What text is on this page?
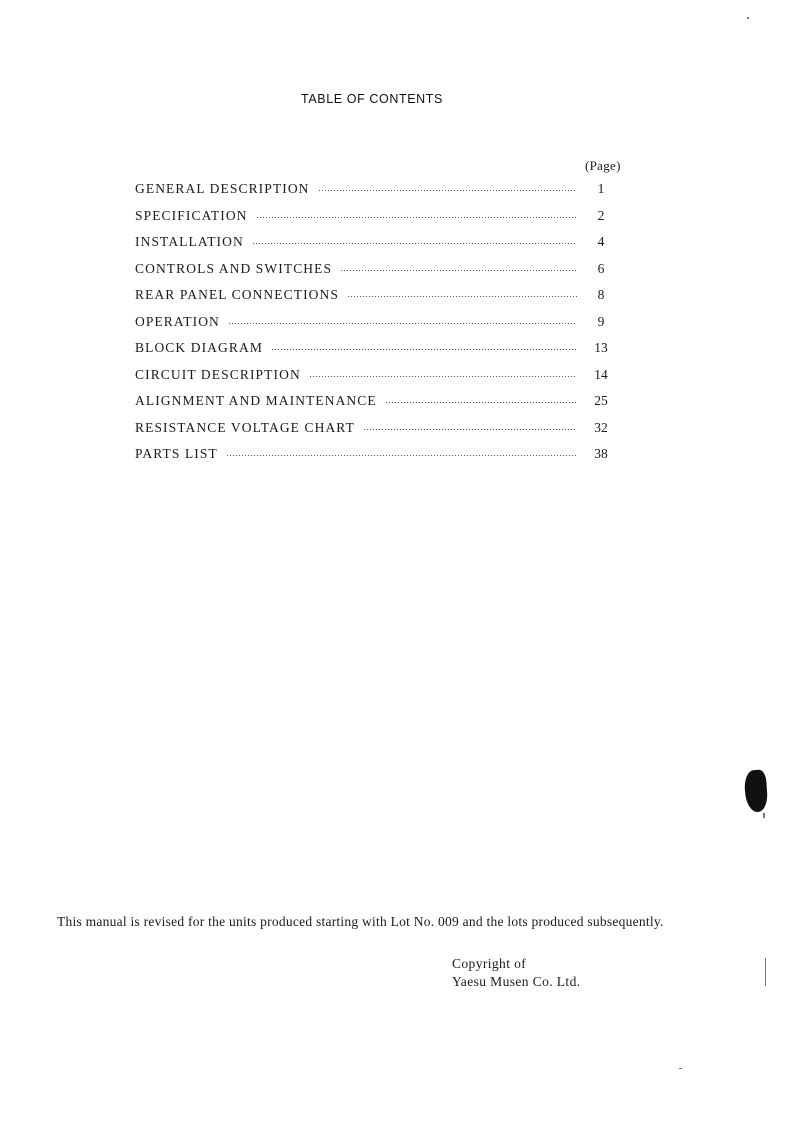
TABLE OF CONTENTS
(Page)
GENERAL DESCRIPTION	1
SPECIFICATION	2
INSTALLATION	4
CONTROLS AND SWITCHES	6
REAR PANEL CONNECTIONS	8
OPERATION	9
BLOCK DIAGRAM	13
CIRCUIT DESCRIPTION	14
ALIGNMENT AND MAINTENANCE	25
RESISTANCE VOLTAGE CHART	32
PARTS LIST	38

This manual is revised for the units produced starting with Lot No. 009 and the lots produced subsequently.

Copyright of
Yaesu Musen Co. Ltd.
